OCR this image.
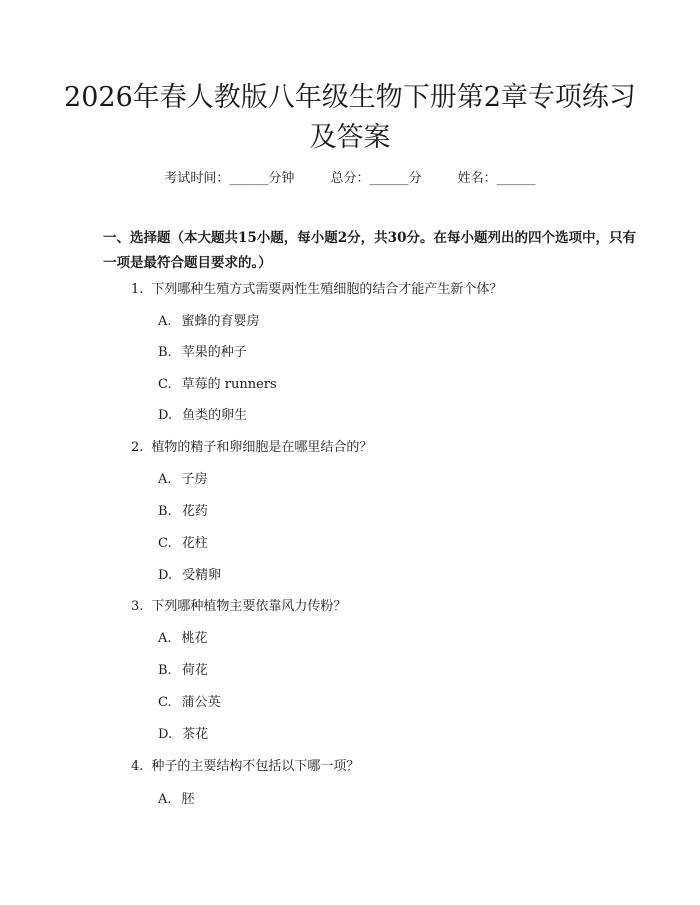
2026年春人教版八年级生物下册第2章专项练习及答案
考试时间：______分钟	总分：______分	姓名：______

一、选择题（本大题共15小题，每小题2分，共30分。在每小题列出的四个选项中，只有一项是最符合题目要求的。）

1. 下列哪种生殖方式需要两性生殖细胞的结合才能产生新个体？
A. 蜜蜂的育婴房
B. 苹果的种子
C. 草莓的 runners
D. 鱼类的卵生
2. 植物的精子和卵细胞是在哪里结合的？
A. 子房
B. 花药
C. 花柱
D. 受精卵
3. 下列哪种植物主要依靠风力传粉？
A. 桃花
B. 荷花
C. 蒲公英
D. 茶花
4. 种子的主要结构不包括以下哪一项？
A. 胚
